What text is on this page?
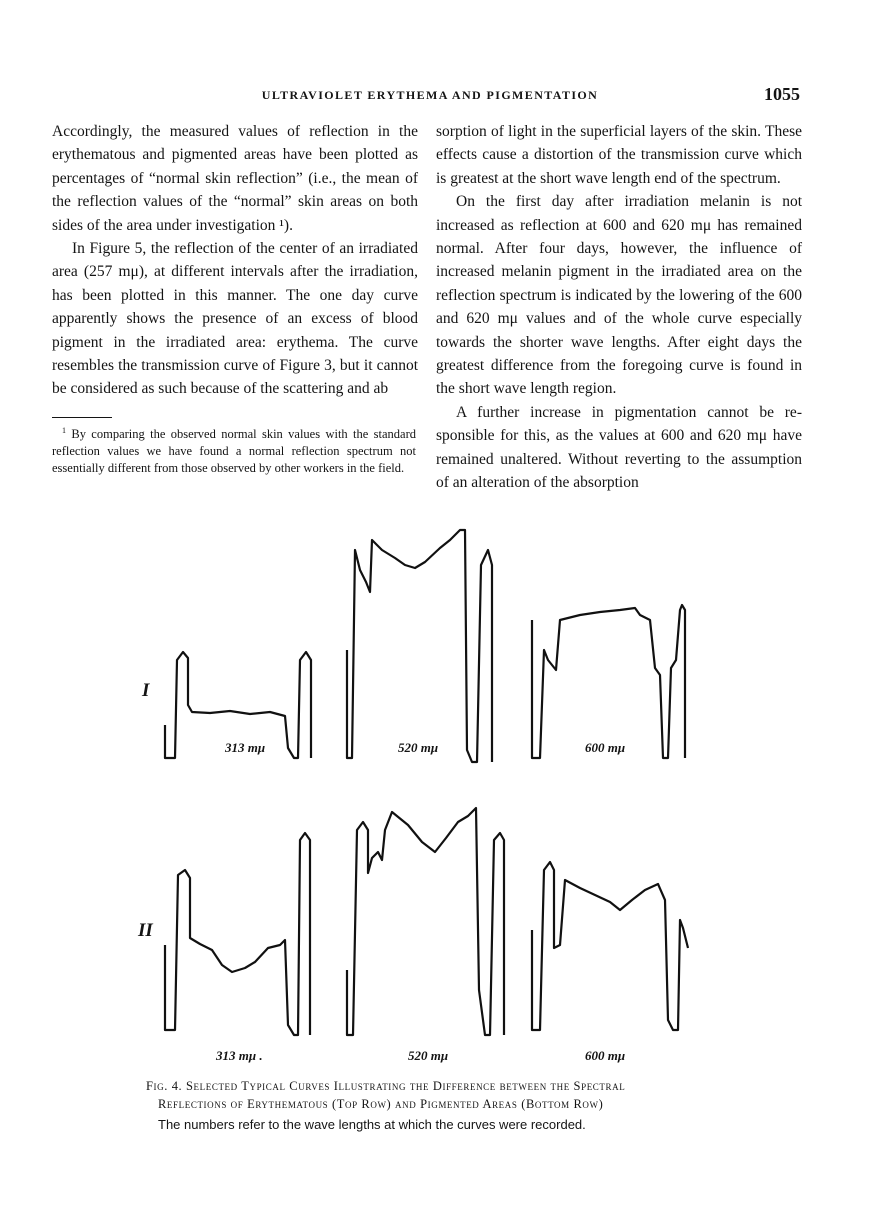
ULTRAVIOLET ERYTHEMA AND PIGMENTATION	1055

Accordingly, the measured values of reflection in the erythematous and pigmented areas have been plotted as percentages of “normal skin reflection” (i.e., the mean of the reflection values of the “normal” skin areas on both sides of the area under investigation ¹).

In Figure 5, the reflection of the center of an irradiated area (257 mμ), at different intervals after the irradiation, has been plotted in this manner. The one day curve apparently shows the presence of an excess of blood pigment in the irradiated area: erythema. The curve resembles the transmission curve of Figure 3, but it cannot be considered as such because of the scattering and ab

$^1$ By comparing the observed normal skin values with the standard reflection values we have found a normal reflection spectrum not essentially different from those observed by other workers in the field.

sorption of light in the superficial layers of the skin. These effects cause a distortion of the transmission curve which is greatest at the short wave length end of the spectrum.

On the first day after irradiation melanin is not increased as reflection at 600 and 620 mμ has remained normal. After four days, however, the influence of increased melanin pigment in the irradiated area on the reflection spectrum is indicated by the lowering of the 600 and 620 mμ values and of the whole curve especially towards the shorter wave lengths. After eight days the greatest difference from the foregoing curve is found in the short wave length region.

A further increase in pigmentation cannot be responsible for this, as the values at 600 and 620 mμ have remained unaltered. Without reverting to the assumption of an alteration of the absorption

I
II
313 mμ	520 mμ	600 mμ
313 mμ .	520 mμ	600 mμ
Fig. 4. Selected Typical Curves Illustrating the Difference between the Spectral
Reflections of Erythematous (Top Row) and Pigmented Areas (Bottom Row)
The numbers refer to the wave lengths at which the curves were recorded.
